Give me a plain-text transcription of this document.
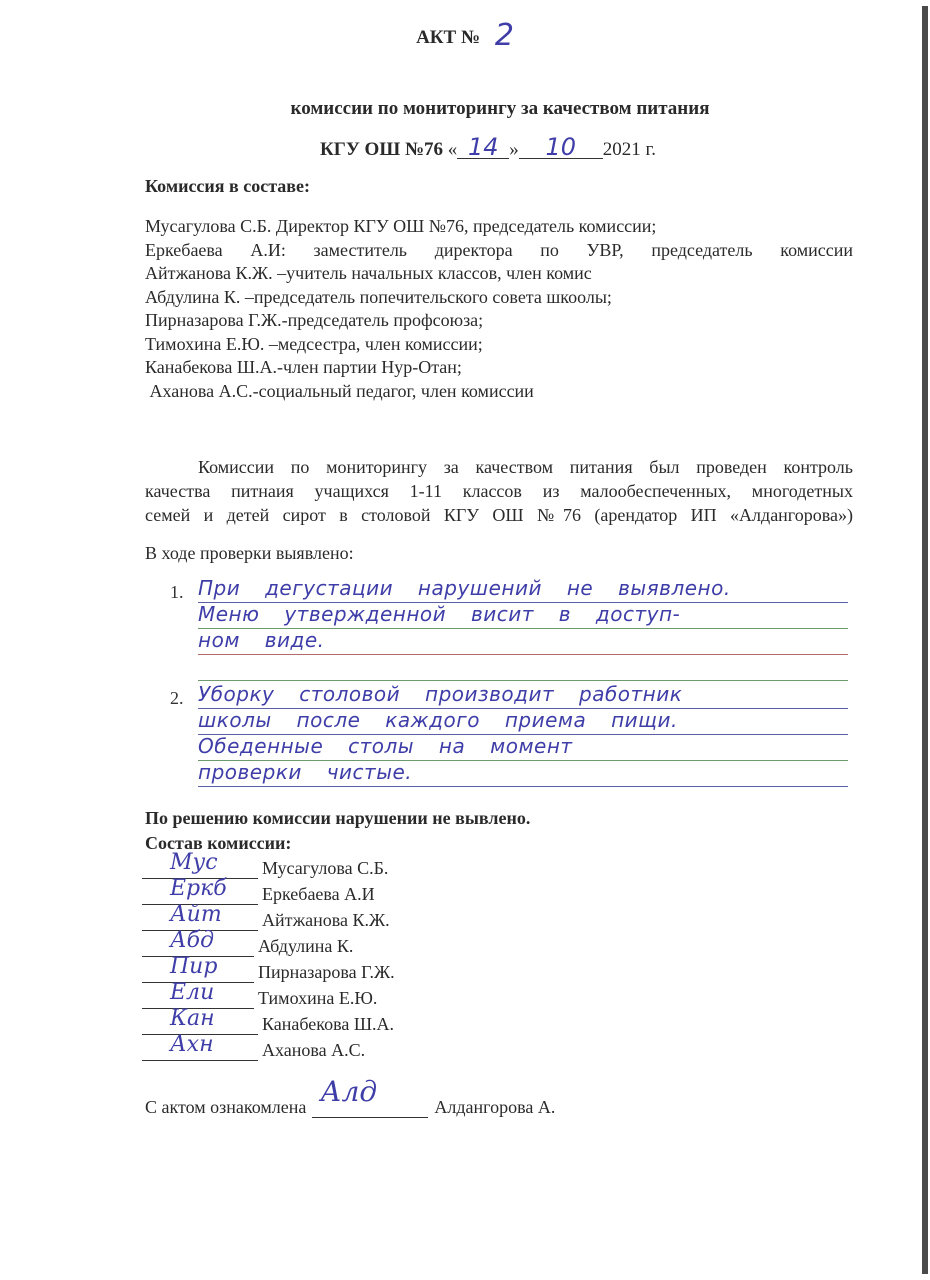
АКТ № 2
комиссии по мониторингу за качеством питания
КГУ ОШ №76 « 14 » 10 2021 г.
Комиссия в составе:
Мусагулова С.Б. Директор КГУ ОШ №76, председатель комиссии;
Еркебаева А.И: заместитель директора по УВР, председатель комиссии
Айтжанова К.Ж. –учитель начальных классов, член комис
Абдулина К. –председатель попечительского совета шкоолы;
Пирназарова Г.Ж.-председатель профсоюза;
Тимохина Е.Ю. –медсестра, член комиссии;
Канабекова Ш.А.-член партии Нур-Отан;
Аханова А.С.-социальный педагог, член комиссии
Комиссии по мониторингу за качеством питания был проведен контроль
качества питнаия учащихся 1-11 классов из малообеспеченных, многодетных
семей и детей сирот в столовой КГУ ОШ №76 (арендатор ИП «Алдангорова»)
В ходе проверки выявлено:
1. При дегустации нарушений не выявлено.
Меню утвержденной висит в доступ-
ном виде.
2. Уборку столовой производит работник
школы после каждого приема пищи.
Обеденные столы на момент
проверки чистые.
По решению комиссии нарушении не вывлено.
Состав комиссии:
Мус Мусагулова С.Б.
Еркб Еркебаева А.И
Айт Айтжанова К.Ж.
Абд Абдулина К.
Пир Пирназарова Г.Ж.
Ели Тимохина Е.Ю.
Кан	Канабекова Ш.А.
Ахн	Аханова А.С.
С актом ознакомлена Алд	Алдангорова А.
